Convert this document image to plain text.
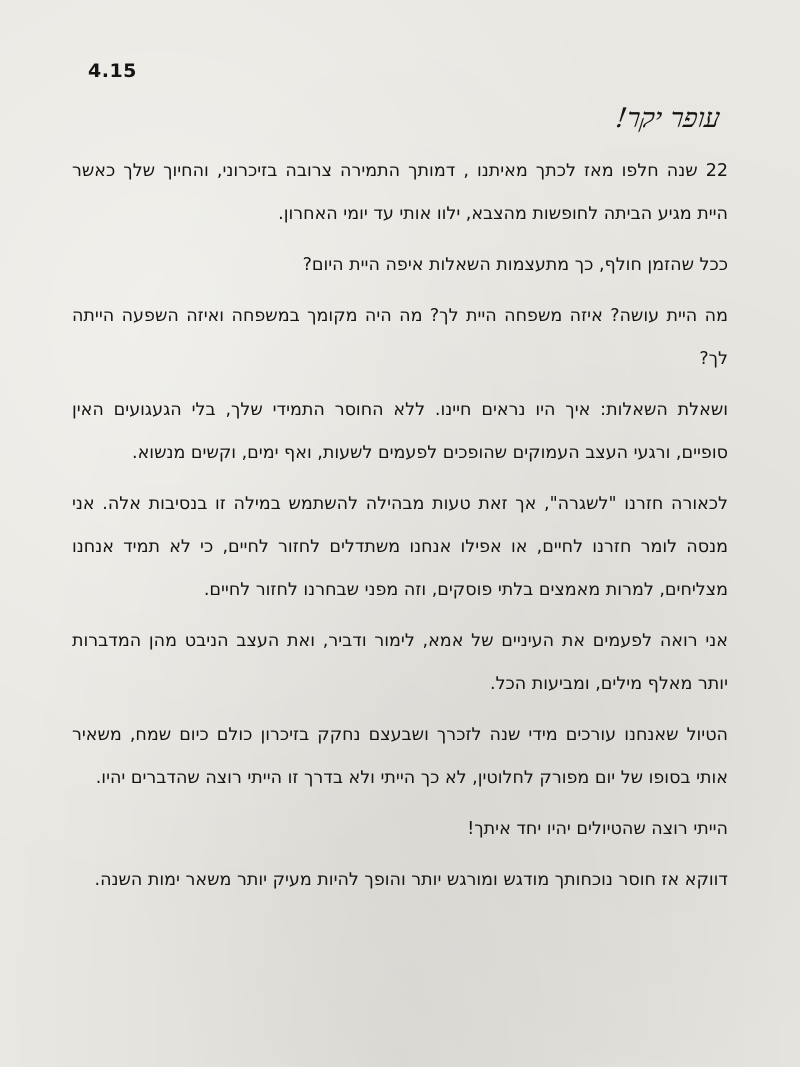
4.15
עופר יקר!

22 שנה חלפו מאז לכתך מאיתנו , דמותך התמירה צרובה בזיכרוני, והחיוך שלך כאשר היית מגיע הביתה לחופשות מהצבא, ילוו אותי עד יומי האחרון.

ככל שהזמן חולף, כך מתעצמות השאלות איפה היית היום?

מה היית עושה? איזה משפחה היית לך? מה היה מקומך במשפחה ואיזה השפעה הייתה לך?

ושאלת השאלות: איך היו נראים חיינו. ללא החוסר התמידי שלך, בלי הגעגועים האין סופיים, ורגעי העצב העמוקים שהופכים לפעמים לשעות, ואף ימים, וקשים מנשוא.

לכאורה חזרנו "לשגרה", אך זאת טעות מבהילה להשתמש במילה זו בנסיבות אלה. אני מנסה לומר חזרנו לחיים, או אפילו אנחנו משתדלים לחזור לחיים, כי לא תמיד אנחנו מצליחים, למרות מאמצים בלתי פוסקים, וזה מפני שבחרנו לחזור לחיים.

אני רואה לפעמים את העיניים של אמא, לימור ודביר, ואת העצב הניבט מהן המדברות יותר מאלף מילים, ומביעות הכל.

הטיול שאנחנו עורכים מידי שנה לזכרך ושבעצם נחקק בזיכרון כולם כיום שמח, משאיר אותי בסופו של יום מפורק לחלוטין, לא כך הייתי ולא בדרך זו הייתי רוצה שהדברים יהיו.

הייתי רוצה שהטיולים יהיו יחד איתך!

דווקא אז חוסר נוכחותך מודגש ומורגש יותר והופך להיות מעיק יותר משאר ימות השנה.
